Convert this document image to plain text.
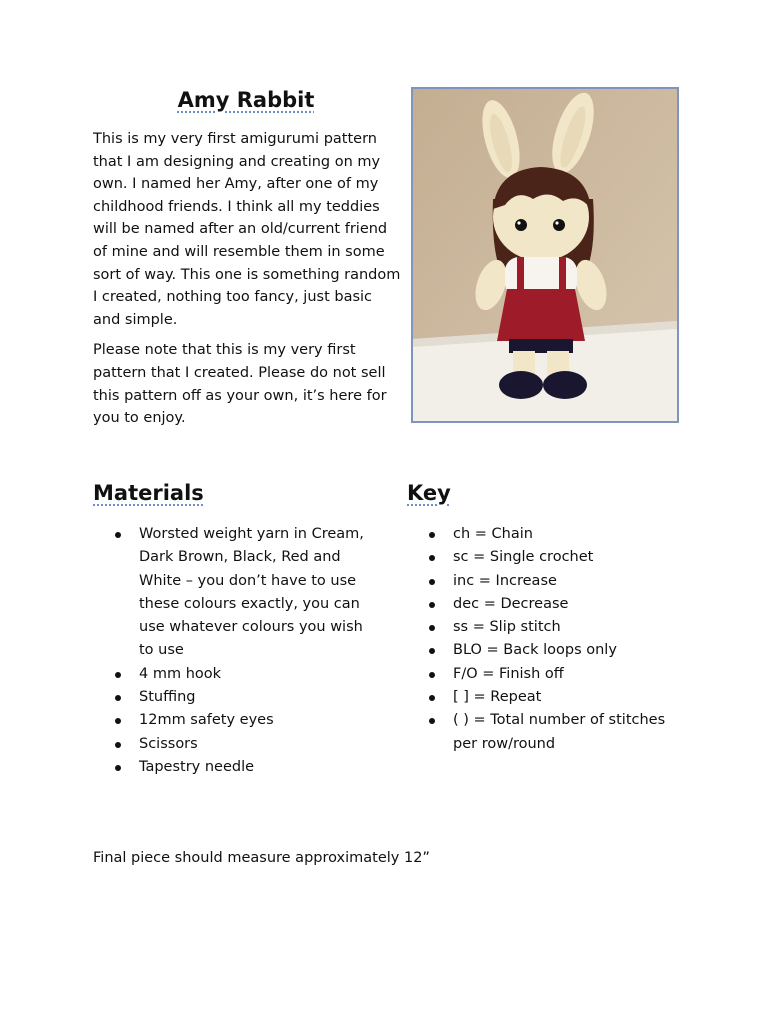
Amy Rabbit

This is my very first amigurumi pattern that I am designing and creating on my own. I named her Amy, after one of my childhood friends. I think all my teddies will be named after an old/current friend of mine and will resemble them in some sort of way. This one is something random I created, nothing too fancy, just basic and simple.

Please note that this is my very first pattern that I created. Please do not sell this pattern off as your own, it’s here for you to enjoy.

Materials	Key
Worsted weight yarn in Cream, Dark Brown, Black, Red and White – you don’t have to use these colours exactly, you can use whatever colours you wish to use
4 mm hook
Stuffing
12mm safety eyes
Scissors
Tapestry needle
ch = Chain
sc = Single crochet
inc = Increase
dec = Decrease
ss = Slip stitch
BLO = Back loops only
F/O = Finish off
[ ] = Repeat
( ) = Total number of stitches per row/round
Final piece should measure approximately 12”
